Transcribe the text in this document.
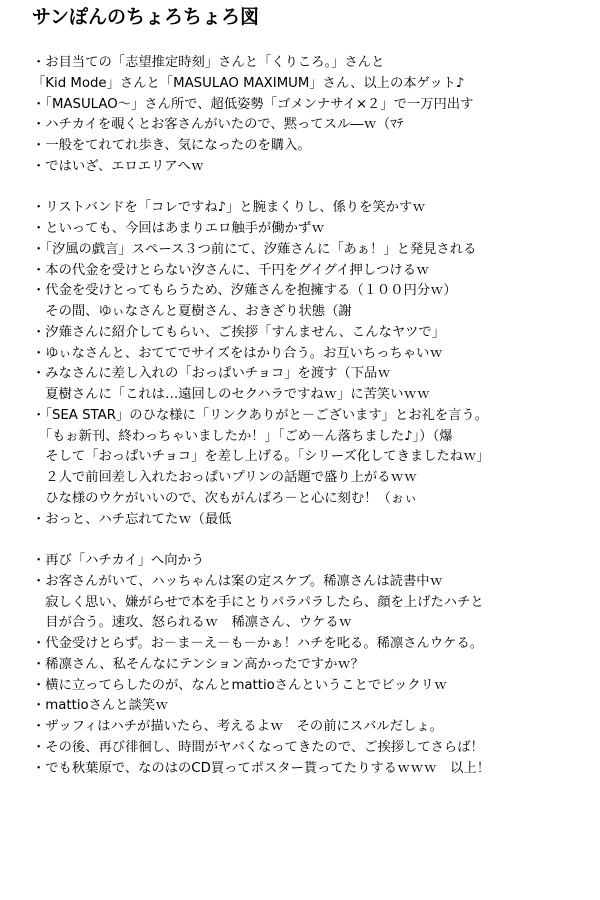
サンぽんのちょろちょろ図
・お目当ての「志望推定時刻」さんと「くりころ。」さんと
「Kid Mode」さんと「MASULAO MAXIMUM」さん、以上の本ゲット♪
・「MASULAO～」さん所で、超低姿勢「ゴメンナサイ×２」で一万円出す
・ハチカイを覗くとお客さんがいたので、黙ってスル―ｗ（ﾏﾃ
・一般をてれてれ歩き、気になったのを購入。
・ではいざ、エロエリアへｗ
・リストバンドを「コレですね♪」と腕まくりし、係りを笑かすｗ
・といっても、今回はあまりエロ触手が働かずｗ
・「汐風の戯言」スペース３つ前にて、汐薙さんに「あぁ！」と発見される
・本の代金を受けとらない汐さんに、千円をグイグイ押しつけるｗ
・代金を受けとってもらうため、汐薙さんを抱擁する（１００円分ｗ）
　その間、ゆぃなさんと夏樹さん、おきざり状態（謝
・汐薙さんに紹介してもらい、ご挨拶「すんません、こんなヤツで」
・ゆぃなさんと、おててでサイズをはかり合う。お互いちっちゃいｗ
・みなさんに差し入れの「おっぱいチョコ」を渡す（下品ｗ
　夏樹さんに「これは…遠回しのセクハラですねｗ」に苦笑いｗｗ
・「SEA STAR」のひな様に「リンクありがと－ございます」とお礼を言う。
　「もぉ新刊、終わっちゃいましたか！」「ごめ－ん落ちました♪」）（爆
　そして「おっぱいチョコ」を差し上げる。「シリーズ化してきましたねｗ」
　２人で前回差し入れたおっぱいプリンの話題で盛り上がるｗｗ
　ひな様のウケがいいので、次もがんばろ－と心に刻む！（ぉぃ
・おっと、ハチ忘れてたｗ（最低
・再び「ハチカイ」へ向かう
・お客さんがいて、ハッちゃんは案の定スケブ。稀凛さんは読書中ｗ
　寂しく思い、嫌がらせで本を手にとりパラパラしたら、顔を上げたハチと
　目が合う。速攻、怒られるｗ　稀凛さん、ウケるｗ
・代金受けとらず。お－ま－え－も－かぁ！ハチを叱る。稀凛さんウケる。
・稀凛さん、私そんなにテンション高かったですかｗ？
・横に立ってらしたのが、なんとmattioさんということでビックリｗ
・mattioさんと談笑ｗ
・ザッフィはハチが描いたら、考えるよｗ　その前にスバルだしょ。
・その後、再び徘徊し、時間がヤバくなってきたので、ご挨拶してさらば！
・でも秋葉原で、なのはのCD買ってポスター貰ってたりするｗｗｗ　以上！
